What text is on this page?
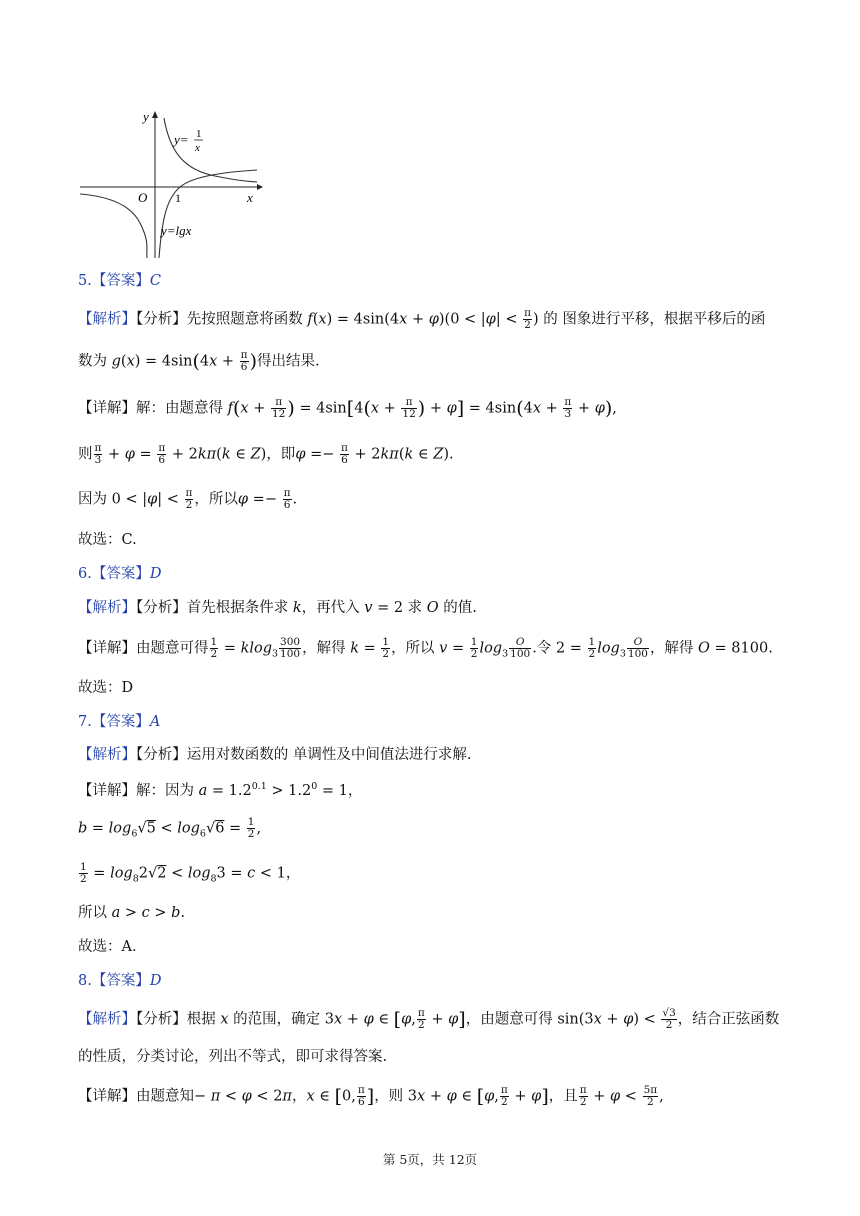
y
x
O 1
y= 1
x
y=lgx
5.【答案】C
【解析】【分析】先按照题意将函数 $f(x) = 4\sin(4x + \varphi)(0 < |\varphi| < \frac{\pi}{2}$ ) 的 图象进行平移，根据平移后的函
数为 $g(x) = 4\sin(4x + \frac{\pi}{6}$ )得出结果.
【详解】解：由题意得 $f(x + \frac{\pi}{12}$ ) = $4\sin[4(x + \frac{\pi}{12}$ ) + $\varphi] = 4\sin(4x + \frac{\pi}{3} + \varphi)$,
则 $\frac{\pi}{3} + \varphi = \frac{\pi}{6} + 2k\pi(k$ ∈ Z)，即$\varphi =- \frac{\pi}{6} + 2k\pi(k$ ∈ Z).
因为 $0 < |\varphi| < \frac{\pi}{2}$ ，所以$\varphi =- \frac{\pi}{6}$ .
故选：C.
6.【答案】D
【解析】【分析】首先根据条件求 k，再代入 v = 2 求 O 的值.
【详解】由题意可得 $\frac{1}{2} = klog_3 \frac{300}{100}$ ，解得 $k = \frac{1}{2}$ ，所以 $v = \frac{1}{2} \log_3 \frac{O}{100}$ .令 $2 = \frac{1}{2} \log_3 \frac{O}{100}$ ，解得 O = 8100.
故选：D
7.【答案】A
【解析】【分析】运用对数函数的 单调性及中间值法进行求解.
【详解】解：因为 $a = 1.2^{0.1} > 1.2^0 = 1$，
$b = \log_6√5 < \log_6√6 = \frac{1}{2}$ ,
$\frac{1}{2} = \log_82√2 < \log_83 = c < 1$，
所以 a > c > b.
故选：A.
8.【答案】D
【解析】【分析】根据 x 的范围，确定 3x + φ ∈ [φ, $\frac{\pi}{2} + \varphi$]，由题意可得 $\sin(3x + \varphi) < \frac{√3}{2}$ ，结合正弦函数
的性质，分类讨论，列出不等式，即可求得答案.
【详解】由题意知− π < φ < 2π，x ∈ [0, $\frac{\pi}{6}$ ]，则 3x + φ ∈ [φ, $\frac{\pi}{2} + \varphi$]，且 $\frac{\pi}{2} + \varphi < \frac{5\pi}{2}$ ,
第 5页，共 12页
